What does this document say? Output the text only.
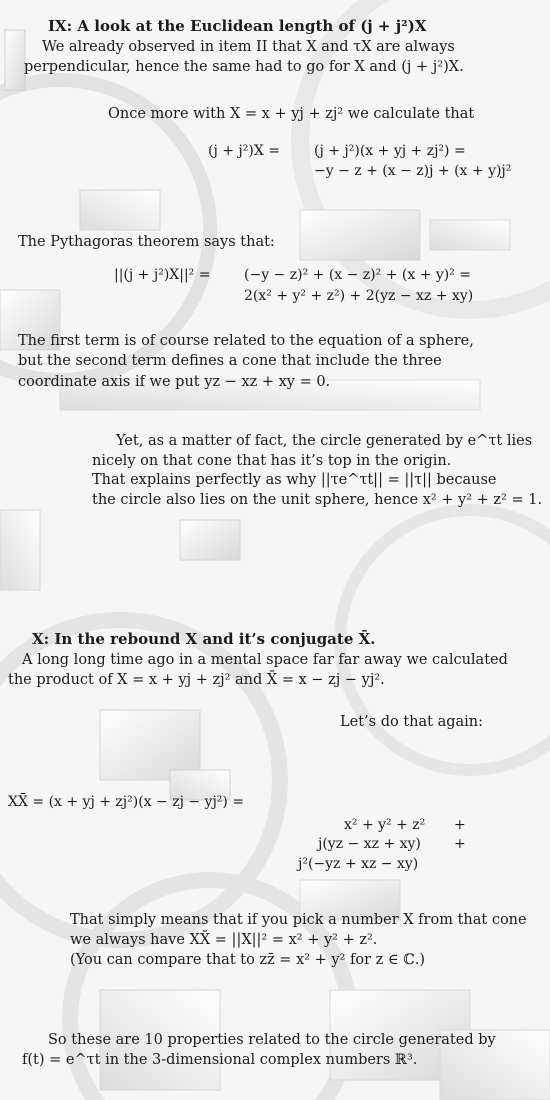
IX: A look at the Euclidean length of (j + j²)X
We already observed in item II that X and τX are always
perpendicular, hence the same had to go for X and (j + j²)X.
Once more with X = x + yj + zj² we calculate that
(j + j²)X = (j + j²)(x + yj + zj²) =
−y − z + (x − z)j + (x + y)j²
The Pythagoras theorem says that:
||(j + j²)X||² = (−y − z)² + (x − z)² + (x + y)² =
2(x² + y² + z²) + 2(yz − xz + xy)
The first term is of course related to the equation of a sphere,
but the second term defines a cone that include the three
coordinate axis if we put yz − xz + xy = 0.
Yet, as a matter of fact, the circle generated by e^τt lies
nicely on that cone that has it’s top in the origin.
That explains perfectly as why ||τe^τt|| = ||τ|| because
the circle also lies on the unit sphere, hence x² + y² + z² = 1.
X: In the rebound X and it’s conjugate X̄.
A long long time ago in a mental space far far away we calculated
the product of X = x + yj + zj² and X̄ = x − zj − yj².
Let’s do that again:
XX̄ = (x + yj + zj²)(x − zj − yj²) =
x² + y² + z² +
j(yz − xz + xy) +
j²(−yz + xz − xy)
That simply means that if you pick a number X from that cone
we always have XX̄ = ||X||² = x² + y² + z².
(You can compare that to zz̄ = x² + y² for z ∈ ℂ.)
So these are 10 properties related to the circle generated by
f(t) = e^τt in the 3-dimensional complex numbers ℝ³.
